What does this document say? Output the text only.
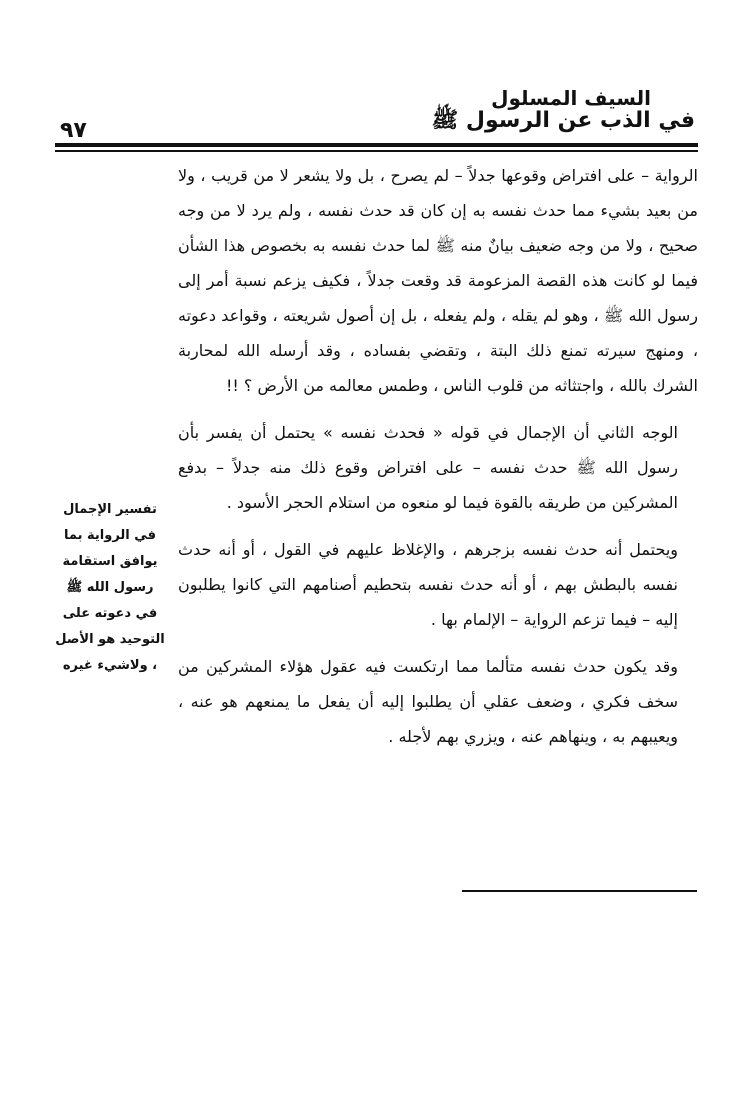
السيف المسلول
في الذب عن الرسول ﷺ
٩٧

الرواية – على افتراض وقوعها جدلاً – لم يصرح ، بل ولا يشعر لا من قريب ، ولا من بعيد بشيء مما حدث نفسه به إن كان قد حدث نفسه ، ولم يرد لا من وجه صحيح ، ولا من وجه ضعيف بيانٌ منه ﷺ لما حدث نفسه به بخصوص هذا الشأن فيما لو كانت هذه القصة المزعومة قد وقعت جدلاً ، فكيف يزعم نسبة أمر إلى رسول الله ﷺ ، وهو لم يقله ، ولم يفعله ، بل إن أصول شريعته ، وقواعد دعوته ، ومنهج سيرته تمنع ذلك البتة ، وتقضي بفساده ، وقد أرسله الله لمحاربة الشرك بالله ، واجتثاثه من قلوب الناس ، وطمس معالمه من الأرض ؟ !!

الوجه الثاني أن الإجمال في قوله « فحدث نفسه » يحتمل أن يفسر بأن رسول الله ﷺ حدث نفسه – على افتراض وقوع ذلك منه جدلاً – بدفع المشركين من طريقه بالقوة فيما لو منعوه من استلام الحجر الأسود .

ويحتمل أنه حدث نفسه بزجرهم ، والإغلاظ عليهم في القول ، أو أنه حدث نفسه بالبطش بهم ، أو أنه حدث نفسه بتحطيم أصنامهم التي كانوا يطلبون إليه – فيما تزعم الرواية – الإلمام بها .

وقد يكون حدث نفسه متألما مما ارتكست فيه عقول هؤلاء المشركين من سخف فكري ، وضعف عقلي أن يطلبوا إليه أن يفعل ما يمنعهم هو عنه ، ويعيبهم به ، وينهاهم عنه ، ويزري بهم لأجله .

تفسير الإجمال في الرواية بما يوافق استقامة رسول الله ﷺ في دعوته على التوحيد هو الأصل ، ولاشيء غيره
